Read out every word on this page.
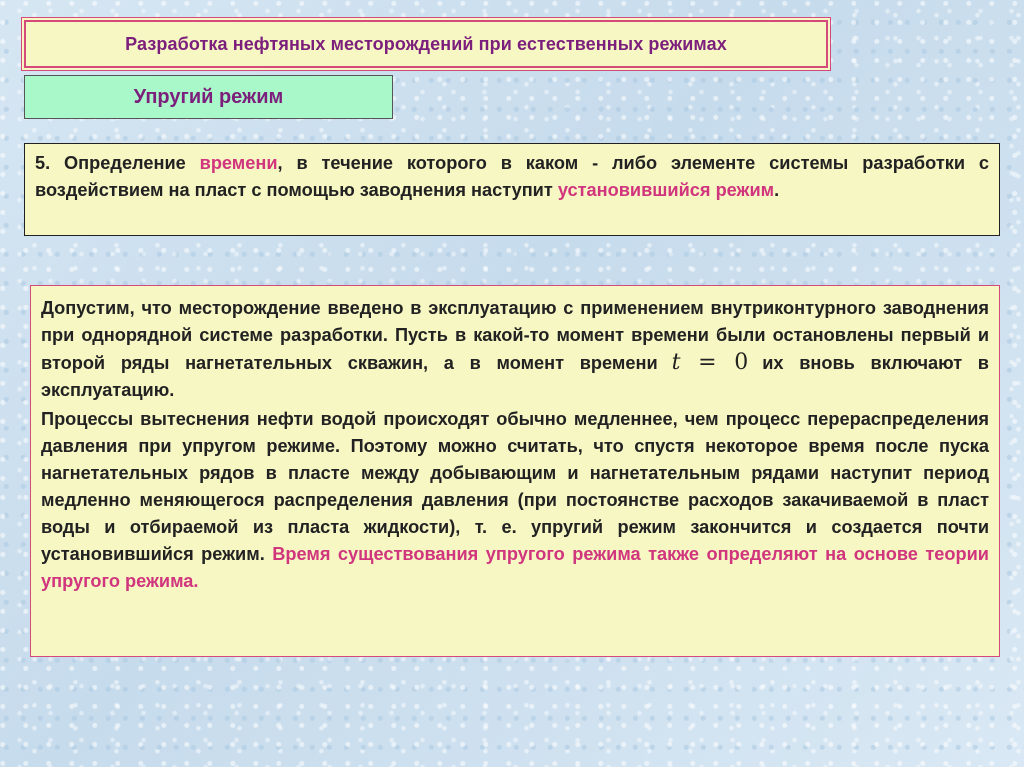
Разработка нефтяных месторождений при естественных режимах
Упругий режим

5. Определение времени, в течение которого в каком - либо элементе системы разработки с воздействием на пласт с помощью заводнения наступит установившийся режим.

Допустим, что месторождение введено в эксплуатацию с применением внутриконтурного заводнения при однорядной системе разработки. Пусть в какой-то момент времени были остановлены первый и второй ряды нагнетательных скважин, а в момент времени t = 0 их вновь включают в эксплуатацию.

Процессы вытеснения нефти водой происходят обычно медленнее, чем процесс перераспределения давления при упругом режиме. Поэтому можно считать, что спустя некоторое время после пуска нагнетательных рядов в пласте между добывающим и нагнетательным рядами наступит период медленно меняющегося распределения давления (при постоянстве расходов закачиваемой в пласт воды и отбираемой из пласта жидкости), т. е. упругий режим закончится и создается почти установившийся режим. Время существования упругого режима также определяют на основе теории упругого режима.
